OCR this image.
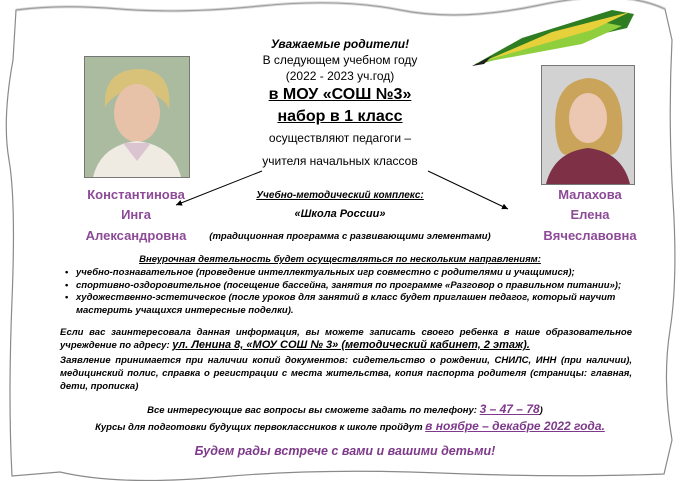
Уважаемые родители!
В следующем учебном году
(2022 - 2023 уч.год)
в МОУ «СОШ №3»
набор в 1 класс
осуществляют педагоги –
учителя начальных классов
Константинова
Инга
Александровна
Малахова
Елена
Вячеславовна
Учебно-методический комплекс:
«Школа России»
(традиционная программа с развивающими элементами)
Внеурочная деятельность будет осуществляться по нескольким направлениям:
• учебно-познавательное (проведение интеллектуальных игр совместно с родителями и учащимися);
• спортивно-оздоровительное (посещение бассейна, занятия по программе «Разговор о правильном питании»);
• художественно-эстетическое (после уроков для занятий в класс будет приглашен педагог, который научит мастерить учащихся интересные поделки).
Если вас заинтересовала данная информация, вы можете записать своего ребенка в наше образовательное учреждение по адресу: ул. Ленина 8, «МОУ СОШ № 3» (методический кабинет, 2 этаж).
Заявление принимается при наличии копий документов: сидетельство о рождении, СНИЛС, ИНН (при наличии), медицинский полис, справка о регистрации с места жительства, копия паспорта родителя (страницы: главная, дети, прописка)
Все интересующие вас вопросы вы сможете задать по телефону: 3 – 47 – 78)
Курсы для подготовки будущих первоклассников к школе пройдут в ноябре – декабре 2022 года.
Будем рады встрече с вами и вашими детьми!
